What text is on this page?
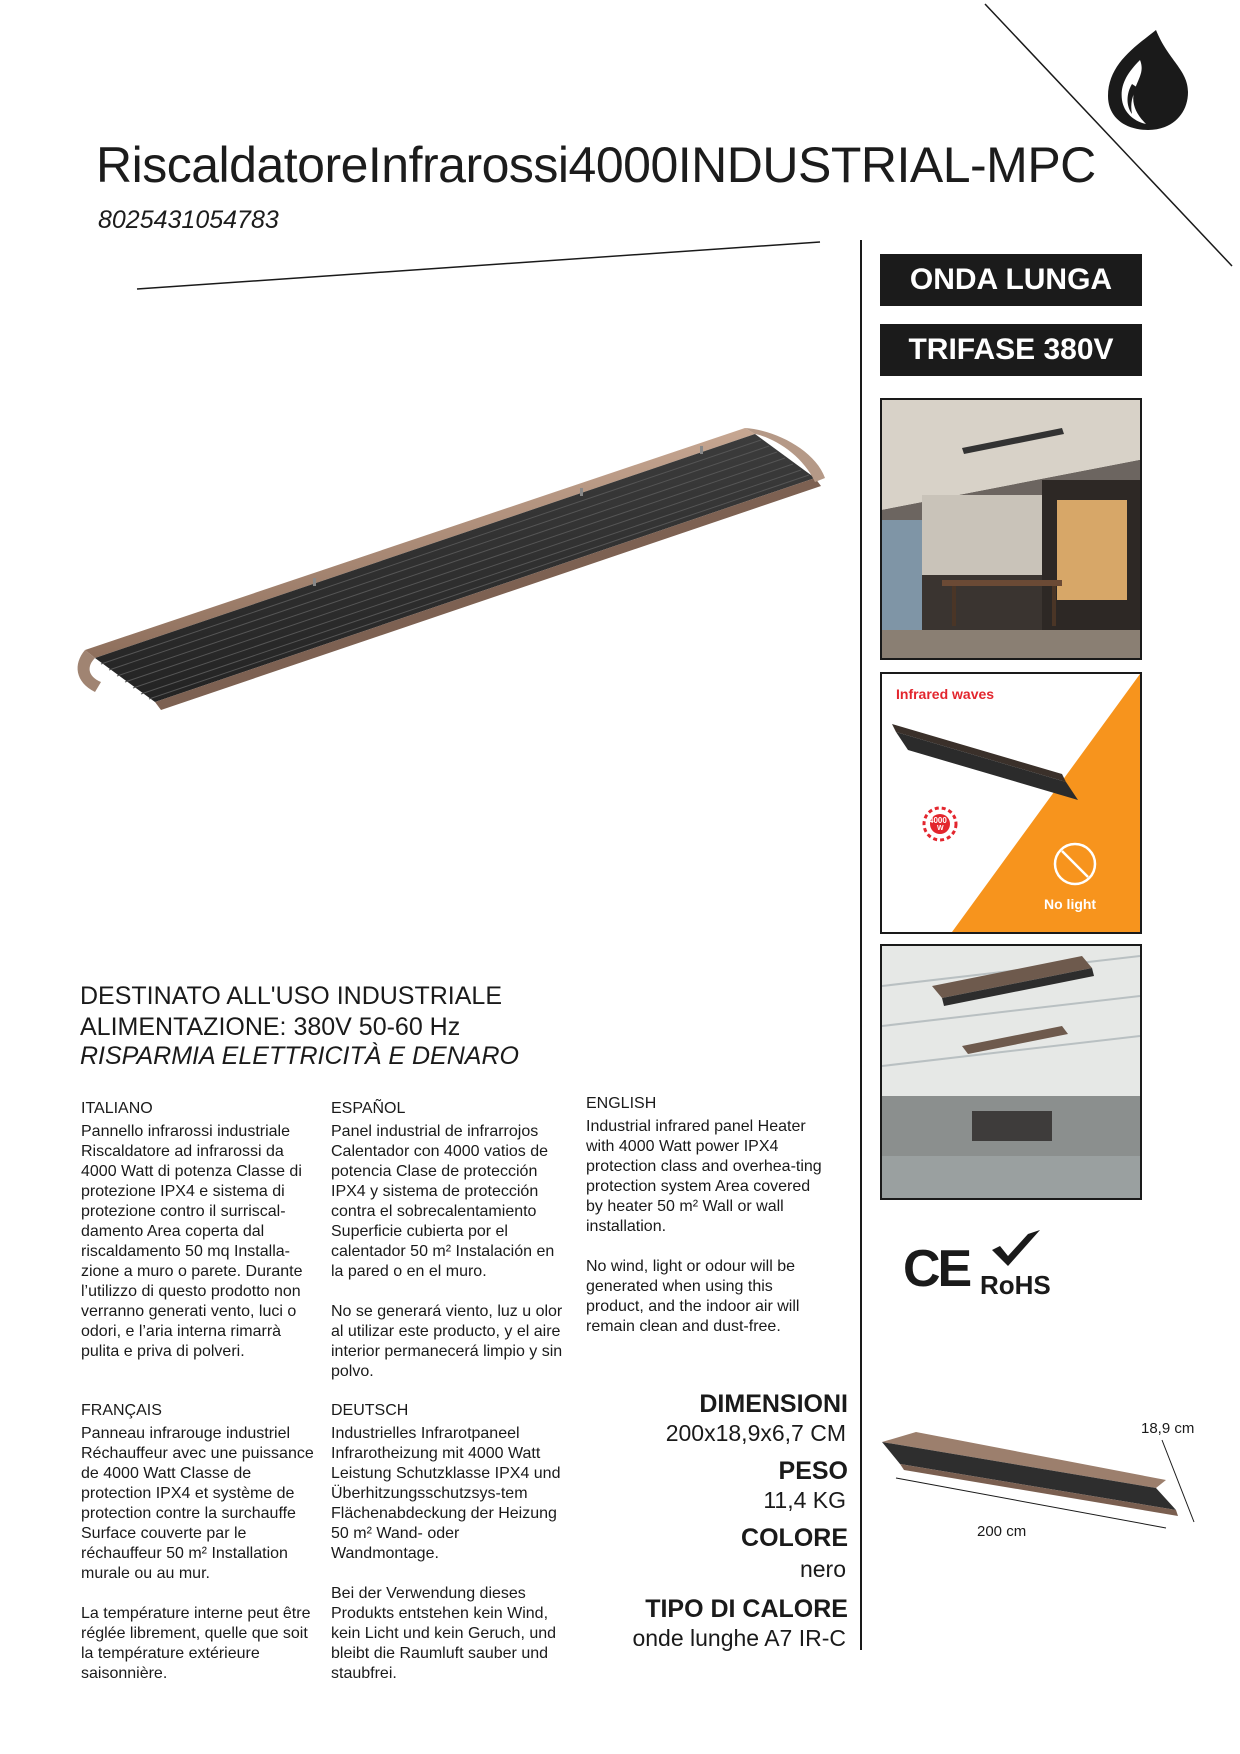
RiscaldatoreInfrarossi4000INDUSTRIAL-MPC
8025431054783
ONDA LUNGA
TRIFASE 380V
Infrared waves
4000
W
No light
CE RoHS
DESTINATO ALL'USO INDUSTRIALE
ALIMENTAZIONE: 380V 50-60 Hz
RISPARMIA ELETTRICITÀ E DENARO
ITALIANO

Pannello infrarossi industriale Riscaldatore ad infrarossi da 4000 Watt di potenza Classe di protezione IPX4 e sistema di protezione contro il surriscal-damento Area coperta dal riscaldamento 50 mq Installa-zione a muro o parete. Durante l’utilizzo di questo prodotto non verranno generati vento, luci o odori, e l’aria interna rimarrà pulita e priva di polveri.

ESPAÑOL

Panel industrial de infrarrojos Calentador con 4000 vatios de potencia Clase de protección IPX4 y sistema de protección contra el sobrecalentamiento Superficie cubierta por el calentador 50 m² Instalación en la pared o en el muro.

No se generará viento, luz u olor al utilizar este producto, y el aire interior permanecerá limpio y sin polvo.

ENGLISH

Industrial infrared panel Heater with 4000 Watt power IPX4 protection class and overhea-ting protection system Area covered by heater 50 m² Wall or wall installation.

No wind, light or odour will be generated when using this product, and the indoor air will remain clean and dust-free.

FRANÇAIS

Panneau infrarouge industriel Réchauffeur avec une puissance de 4000 Watt Classe de protection IPX4 et système de protection contre la surchauffe Surface couverte par le réchauffeur 50 m² Installation murale ou au mur.

La température interne peut être réglée librement, quelle que soit la température extérieure saisonnière.

DEUTSCH

Industrielles Infrarotpaneel Infrarotheizung mit 4000 Watt Leistung Schutzklasse IPX4 und Überhitzungsschutzsys-tem Flächenabdeckung der Heizung 50 m² Wand- oder Wandmontage.

Bei der Verwendung dieses Produkts entstehen kein Wind, kein Licht und kein Geruch, und bleibt die Raumluft sauber und staubfrei.

DIMENSIONI
200x18,9x6,7 CM
PESO
11,4 KG
COLORE
nero
TIPO DI CALORE
onde lunghe A7 IR-C
18,9 cm
200 cm
